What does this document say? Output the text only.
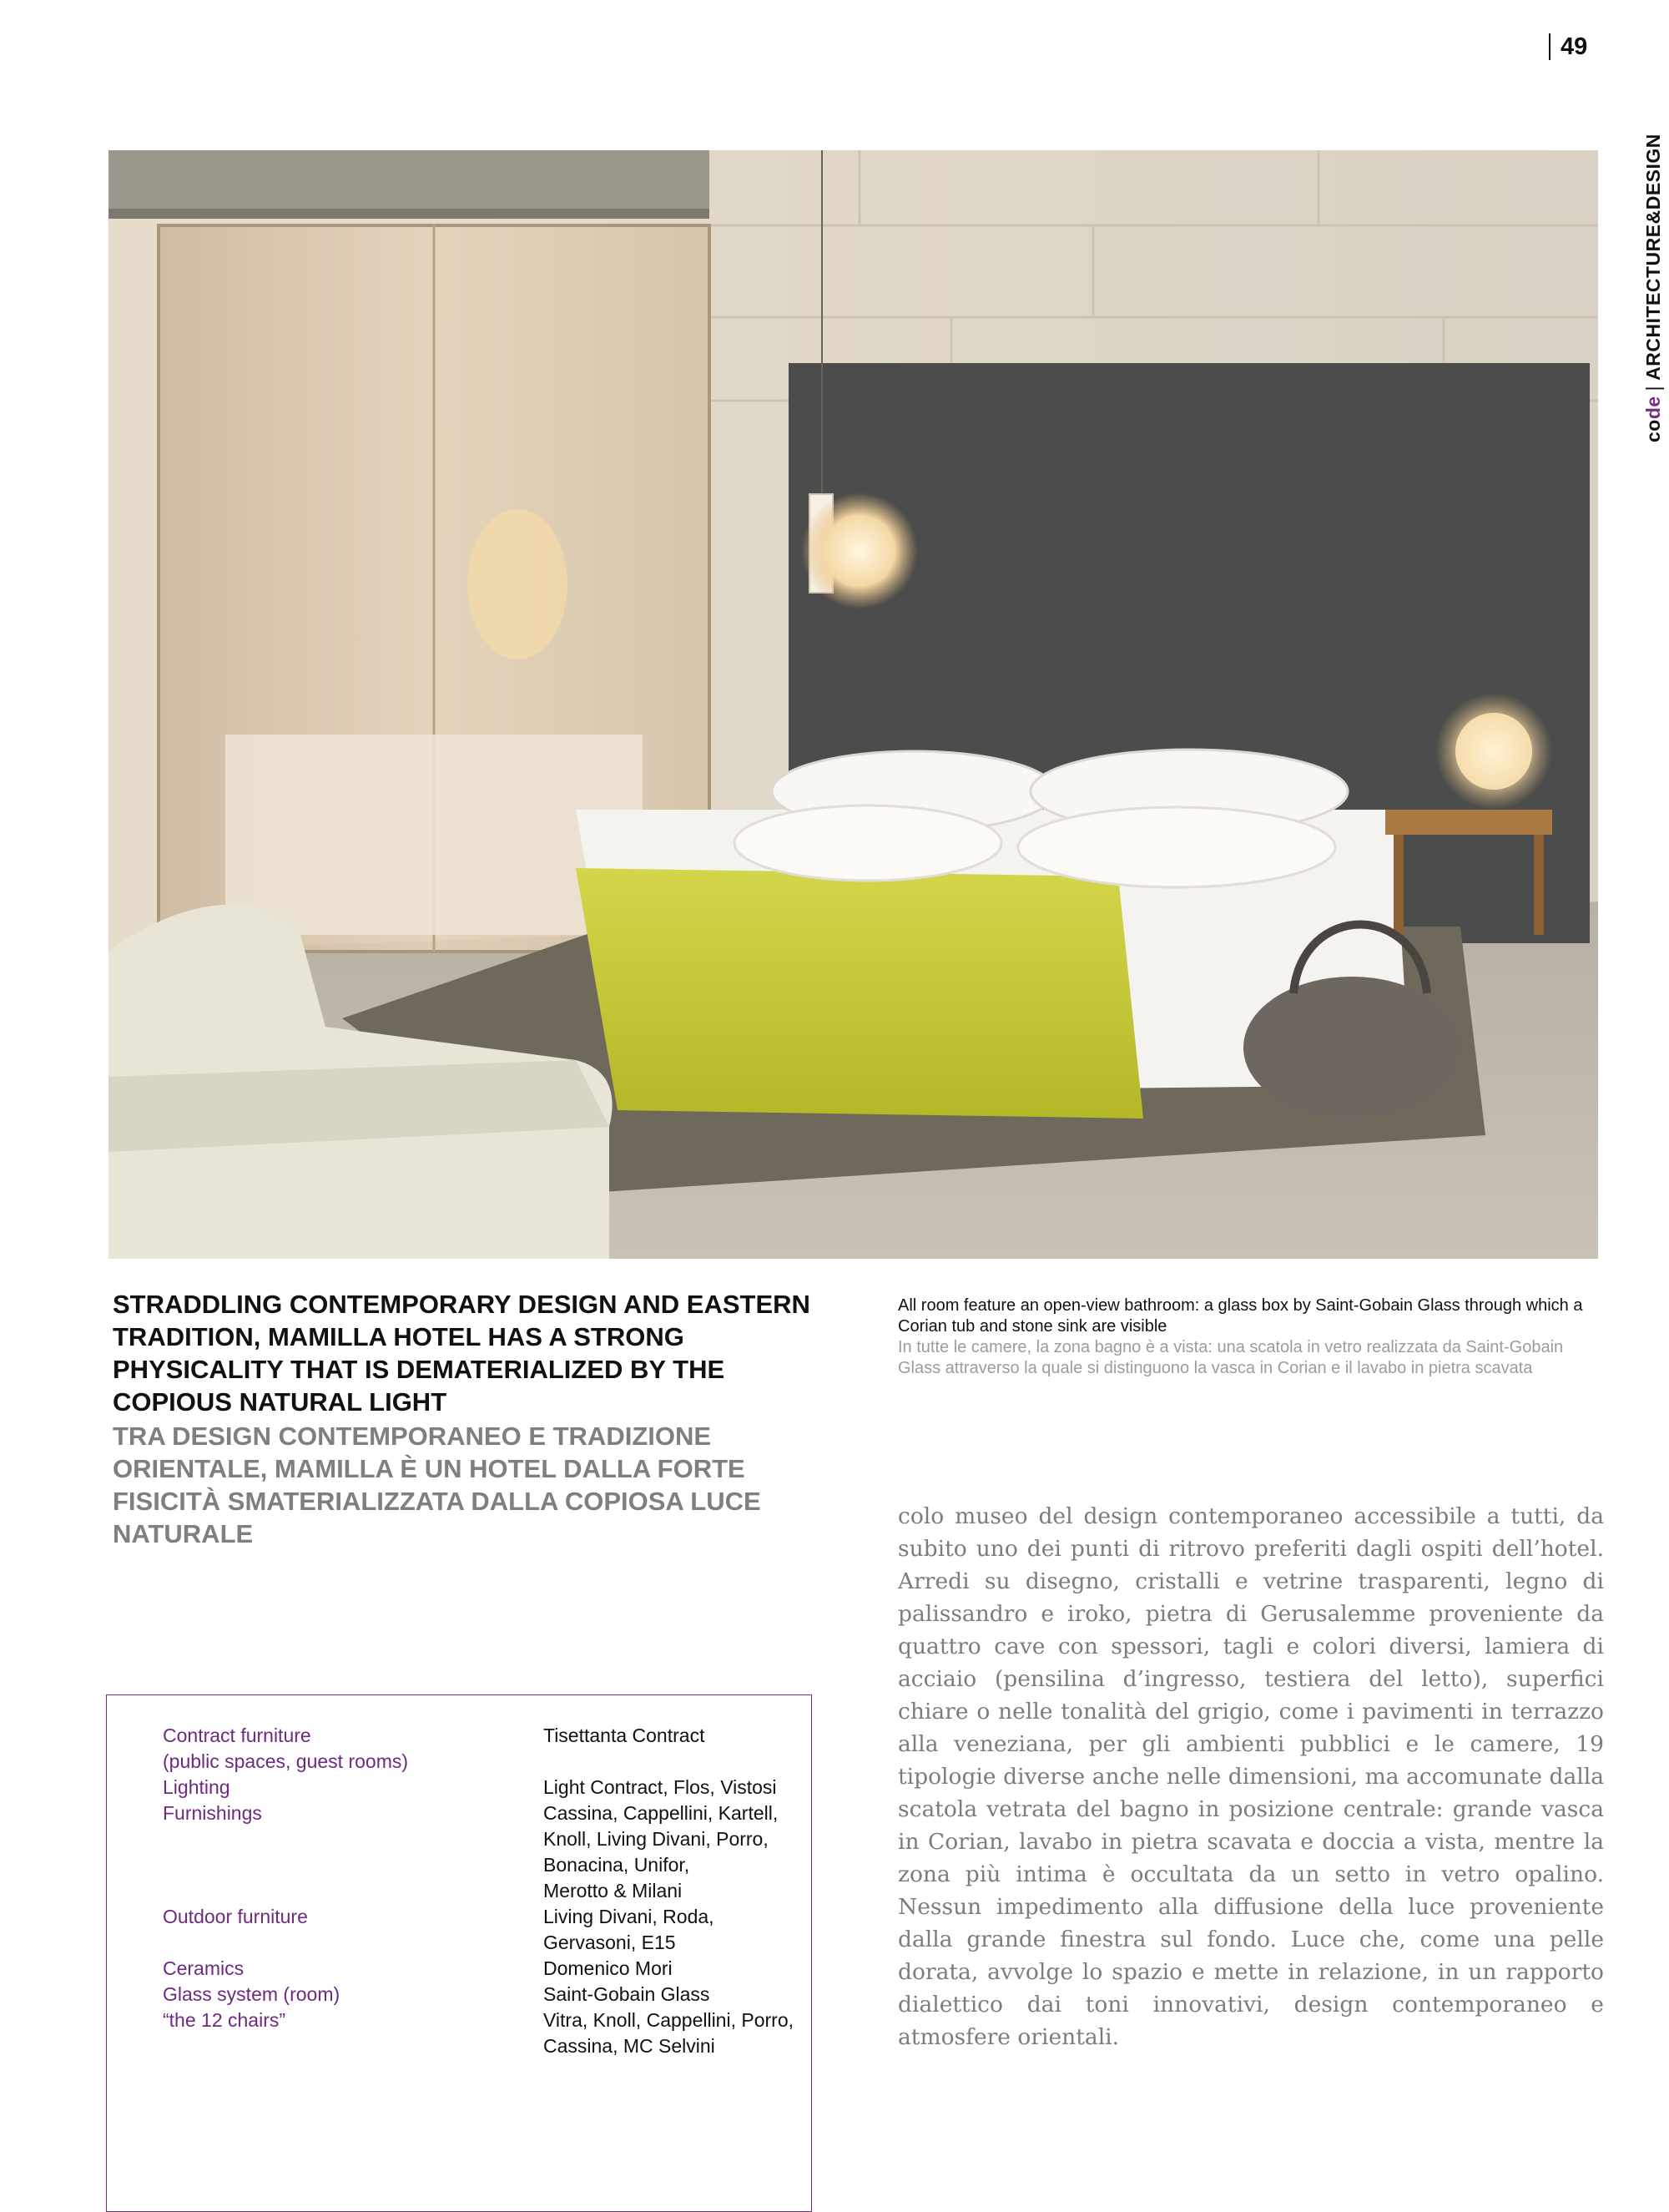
49
code|ARCHITECTURE&DESIGN
STRADDLING CONTEMPORARY DESIGN AND EASTERN TRADITION, MAMILLA HOTEL HAS A STRONG PHYSICALITY THAT IS DEMATERIALIZED BY THE COPIOUS NATURAL LIGHT
TRA DESIGN CONTEMPORANEO E TRADIZIONE ORIENTALE, MAMILLA È UN HOTEL DALLA FORTE FISICITÀ SMATERIALIZZATA DALLA COPIOSA LUCE NATURALE
All room feature an open-view bathroom: a glass box by Saint-Gobain Glass through which a Corian tub and stone sink are visible
In tutte le camere, la zona bagno è a vista: una scatola in vetro realizzata da Saint-Gobain Glass attraverso la quale si distinguono la vasca in Corian e il lavabo in pietra scavata

colo museo del design contemporaneo accessibile a tutti, da subito uno dei punti di ritrovo preferiti dagli ospiti dell’hotel. Arredi su disegno, cristalli e vetrine trasparenti, legno di palissandro e iroko, pietra di Gerusalemme proveniente da quattro cave con spessori, tagli e colori diversi, lamiera di acciaio (pensilina d’ingresso, testiera del letto), superfici chiare o nelle tonalità del grigio, come i pavimenti in terrazzo alla veneziana, per gli ambienti pubblici e le camere, 19 tipologie diverse anche nelle dimensioni, ma accomunate dalla scatola vetrata del bagno in posizione centrale: grande vasca in Corian, lavabo in pietra scavata e doccia a vista, mentre la zona più intima è occultata da un setto in vetro opalino. Nessun impedimento alla diffusione della luce proveniente dalla grande finestra sul fondo. Luce che, come una pelle dorata, avvolge lo spazio e mette in relazione, in un rapporto dialettico dai toni innovativi, design contemporaneo e atmosfere orientali.

Contract furniture
(public spaces, guest rooms)
Lighting
Furnishings
Outdoor furniture
Ceramics
Glass system (room)
“the 12 chairs”
Tisettanta Contract
Light Contract, Flos, Vistosi
Cassina, Cappellini, Kartell,
Knoll, Living Divani, Porro,
Bonacina, Unifor,
Merotto & Milani
Living Divani, Roda,
Gervasoni, E15
Domenico Mori
Saint-Gobain Glass
Vitra, Knoll, Cappellini, Porro,
Cassina, MC Selvini
